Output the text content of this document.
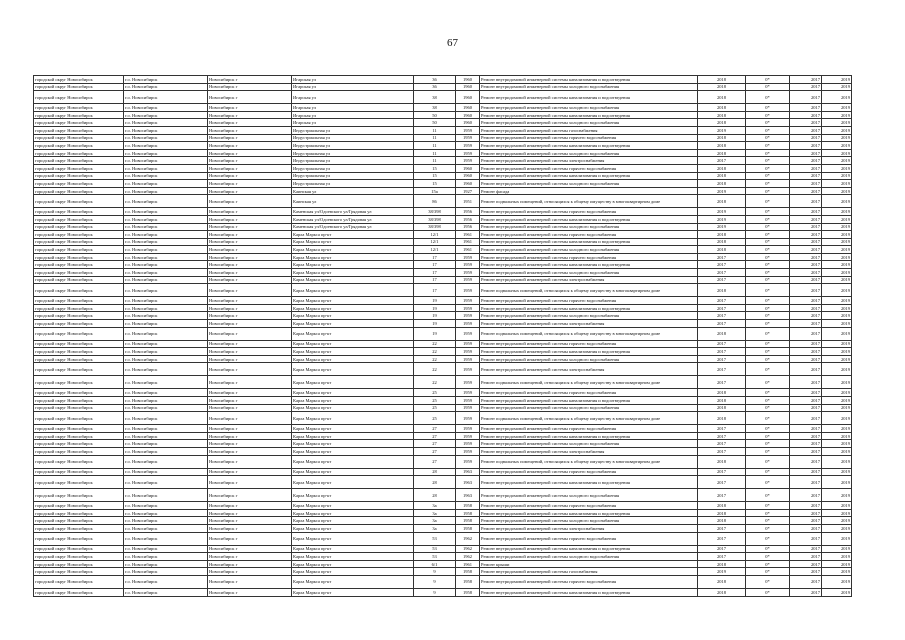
67
городской округ Новосибирск	г.о. Новосибирск	Новосибирск г	Игарская ул	36	1960	Ремонт внутридомовой инженерной системы канализования и водоотведения	2018	0*	2017	2019
городской округ Новосибирск	г.о. Новосибирск	Новосибирск г	Игарская ул	36	1960	Ремонт внутридомовой инженерной системы холодного водоснабжения	2018	0*	2017	2019
городской округ Новосибирск	г.о. Новосибирск	Новосибирск г	Игарская ул	38	1960	Ремонт внутридомовой инженерной системы канализования и водоотведения	2018	0*	2017	2019
городской округ Новосибирск	г.о. Новосибирск	Новосибирск г	Игарская ул	38	1960	Ремонт внутридомовой инженерной системы холодного водоснабжения	2018	0*	2017	2019
городской округ Новосибирск	г.о. Новосибирск	Новосибирск г	Игарская ул	50	1960	Ремонт внутридомовой инженерной системы канализования и водоотведения	2018	0*	2017	2019
городской округ Новосибирск	г.о. Новосибирск	Новосибирск г	Игарская ул	50	1960	Ремонт внутридомовой инженерной системы холодного водоснабжения	2018	0*	2017	2019
городской округ Новосибирск	г.о. Новосибирск	Новосибирск г	Индустриальная ул	11	1959	Ремонт внутридомовой инженерной системы газоснабжения	2019	0*	2017	2019
городской округ Новосибирск	г.о. Новосибирск	Новосибирск г	Индустриальная ул	11	1959	Ремонт внутридомовой инженерной системы горячего водоснабжения	2018	0*	2017	2019
городской округ Новосибирск	г.о. Новосибирск	Новосибирск г	Индустриальная ул	11	1959	Ремонт внутридомовой инженерной системы канализования и водоотведения	2018	0*	2017	2019
городской округ Новосибирск	г.о. Новосибирск	Новосибирск г	Индустриальная ул	11	1959	Ремонт внутридомовой инженерной системы холодного водоснабжения	2018	0*	2017	2019
городской округ Новосибирск	г.о. Новосибирск	Новосибирск г	Индустриальная ул	11	1959	Ремонт внутридомовой инженерной системы электроснабжения	2017	0*	2017	2019
городской округ Новосибирск	г.о. Новосибирск	Новосибирск г	Индустриальная ул	15	1960	Ремонт внутридомовой инженерной системы горячего водоснабжения	2018	0*	2017	2019
городской округ Новосибирск	г.о. Новосибирск	Новосибирск г	Индустриальная ул	15	1960	Ремонт внутридомовой инженерной системы канализования и водоотведения	2018	0*	2017	2019
городской округ Новосибирск	г.о. Новосибирск	Новосибирск г	Индустриальная ул	15	1960	Ремонт внутридомовой инженерной системы холодного водоснабжения	2018	0*	2017	2019
городской округ Новосибирск	г.о. Новосибирск	Новосибирск г	Каинская ул	15а	1927	Ремонт фасада	2019	0*	2017	2019
городской округ Новосибирск	г.о. Новосибирск	Новосибирск г	Каинская ул	86	1951	Ремонт подвальных помещений, относящихся к общему имуществу в многоквартирном доме	2018	0*	2017	2019
городской округ Новосибирск	г.о. Новосибирск	Новосибирск г	Каменская ул/Одоевского ул/Грядовая ул	38/398	1956	Ремонт внутридомовой инженерной системы горячего водоснабжения	2019	0*	2017	2019
городской округ Новосибирск	г.о. Новосибирск	Новосибирск г	Каменская ул/Одоевского ул/Грядовая ул	38/398	1956	Ремонт внутридомовой инженерной системы канализования и водоотведения	2019	0*	2017	2019
городской округ Новосибирск	г.о. Новосибирск	Новосибирск г	Каменская ул/Одоевского ул/Грядовая ул	38/398	1956	Ремонт внутридомовой инженерной системы холодного водоснабжения	2019	0*	2017	2019
городской округ Новосибирск	г.о. Новосибирск	Новосибирск г	Карла Маркса пр-кт	12/1	1961	Ремонт внутридомовой инженерной системы горячего водоснабжения	2018	0*	2017	2019
городской округ Новосибирск	г.о. Новосибирск	Новосибирск г	Карла Маркса пр-кт	12/1	1961	Ремонт внутридомовой инженерной системы канализования и водоотведения	2018	0*	2017	2019
городской округ Новосибирск	г.о. Новосибирск	Новосибирск г	Карла Маркса пр-кт	12/1	1961	Ремонт внутридомовой инженерной системы холодного водоснабжения	2018	0*	2017	2019
городской округ Новосибирск	г.о. Новосибирск	Новосибирск г	Карла Маркса пр-кт	17	1959	Ремонт внутридомовой инженерной системы горячего водоснабжения	2017	0*	2017	2019
городской округ Новосибирск	г.о. Новосибирск	Новосибирск г	Карла Маркса пр-кт	17	1959	Ремонт внутридомовой инженерной системы канализования и водоотведения	2017	0*	2017	2019
городской округ Новосибирск	г.о. Новосибирск	Новосибирск г	Карла Маркса пр-кт	17	1959	Ремонт внутридомовой инженерной системы холодного водоснабжения	2017	0*	2017	2019
городской округ Новосибирск	г.о. Новосибирск	Новосибирск г	Карла Маркса пр-кт	17	1959	Ремонт внутридомовой инженерной системы электроснабжения	2017	0*	2017	2019
городской округ Новосибирск	г.о. Новосибирск	Новосибирск г	Карла Маркса пр-кт	17	1959	Ремонт подвальных помещений, относящихся к общему имуществу в многоквартирном доме	2018	0*	2017	2019
городской округ Новосибирск	г.о. Новосибирск	Новосибирск г	Карла Маркса пр-кт	19	1959	Ремонт внутридомовой инженерной системы горячего водоснабжения	2017	0*	2017	2019
городской округ Новосибирск	г.о. Новосибирск	Новосибирск г	Карла Маркса пр-кт	19	1959	Ремонт внутридомовой инженерной системы канализования и водоотведения	2017	0*	2017	2019
городской округ Новосибирск	г.о. Новосибирск	Новосибирск г	Карла Маркса пр-кт	19	1959	Ремонт внутридомовой инженерной системы холодного водоснабжения	2017	0*	2017	2019
городской округ Новосибирск	г.о. Новосибирск	Новосибирск г	Карла Маркса пр-кт	19	1959	Ремонт внутридомовой инженерной системы электроснабжения	2017	0*	2017	2019
городской округ Новосибирск	г.о. Новосибирск	Новосибирск г	Карла Маркса пр-кт	19	1959	Ремонт подвальных помещений, относящихся к общему имуществу в многоквартирном доме	2018	0*	2017	2019
городской округ Новосибирск	г.о. Новосибирск	Новосибирск г	Карла Маркса пр-кт	22	1959	Ремонт внутридомовой инженерной системы горячего водоснабжения	2017	0*	2017	2019
городской округ Новосибирск	г.о. Новосибирск	Новосибирск г	Карла Маркса пр-кт	22	1959	Ремонт внутридомовой инженерной системы канализования и водоотведения	2017	0*	2017	2019
городской округ Новосибирск	г.о. Новосибирск	Новосибирск г	Карла Маркса пр-кт	22	1959	Ремонт внутридомовой инженерной системы холодного водоснабжения	2017	0*	2017	2019
городской округ Новосибирск	г.о. Новосибирск	Новосибирск г	Карла Маркса пр-кт	22	1959	Ремонт внутридомовой инженерной системы электроснабжения	2017	0*	2017	2019
городской округ Новосибирск	г.о. Новосибирск	Новосибирск г	Карла Маркса пр-кт	22	1959	Ремонт подвальных помещений, относящихся к общему имуществу в многоквартирном доме	2017	0*	2017	2019
городской округ Новосибирск	г.о. Новосибирск	Новосибирск г	Карла Маркса пр-кт	25	1959	Ремонт внутридомовой инженерной системы горячего водоснабжения	2018	0*	2017	2019
городской округ Новосибирск	г.о. Новосибирск	Новосибирск г	Карла Маркса пр-кт	25	1959	Ремонт внутридомовой инженерной системы канализования и водоотведения	2018	0*	2017	2019
городской округ Новосибирск	г.о. Новосибирск	Новосибирск г	Карла Маркса пр-кт	25	1959	Ремонт внутридомовой инженерной системы холодного водоснабжения	2018	0*	2017	2019
городской округ Новосибирск	г.о. Новосибирск	Новосибирск г	Карла Маркса пр-кт	25	1959	Ремонт подвальных помещений, относящихся к общему имуществу в многоквартирном доме	2018	0*	2017	2019
городской округ Новосибирск	г.о. Новосибирск	Новосибирск г	Карла Маркса пр-кт	27	1959	Ремонт внутридомовой инженерной системы горячего водоснабжения	2017	0*	2017	2019
городской округ Новосибирск	г.о. Новосибирск	Новосибирск г	Карла Маркса пр-кт	27	1959	Ремонт внутридомовой инженерной системы канализования и водоотведения	2017	0*	2017	2019
городской округ Новосибирск	г.о. Новосибирск	Новосибирск г	Карла Маркса пр-кт	27	1959	Ремонт внутридомовой инженерной системы холодного водоснабжения	2017	0*	2017	2019
городской округ Новосибирск	г.о. Новосибирск	Новосибирск г	Карла Маркса пр-кт	27	1959	Ремонт внутридомовой инженерной системы электроснабжения	2017	0*	2017	2019
городской округ Новосибирск	г.о. Новосибирск	Новосибирск г	Карла Маркса пр-кт	27	1959	Ремонт подвальных помещений, относящихся к общему имуществу в многоквартирном доме	2018	0*	2017	2019
городской округ Новосибирск	г.о. Новосибирск	Новосибирск г	Карла Маркса пр-кт	28	1963	Ремонт внутридомовой инженерной системы горячего водоснабжения	2017	0*	2017	2019
городской округ Новосибирск	г.о. Новосибирск	Новосибирск г	Карла Маркса пр-кт	28	1963	Ремонт внутридомовой инженерной системы канализования и водоотведения	2017	0*	2017	2019
городской округ Новосибирск	г.о. Новосибирск	Новосибирск г	Карла Маркса пр-кт	28	1963	Ремонт внутридомовой инженерной системы холодного водоснабжения	2017	0*	2017	2019
городской округ Новосибирск	г.о. Новосибирск	Новосибирск г	Карла Маркса пр-кт	3а	1958	Ремонт внутридомовой инженерной системы горячего водоснабжения	2018	0*	2017	2019
городской округ Новосибирск	г.о. Новосибирск	Новосибирск г	Карла Маркса пр-кт	3а	1958	Ремонт внутридомовой инженерной системы канализования и водоотведения	2018	0*	2017	2019
городской округ Новосибирск	г.о. Новосибирск	Новосибирск г	Карла Маркса пр-кт	3а	1958	Ремонт внутридомовой инженерной системы холодного водоснабжения	2018	0*	2017	2019
городской округ Новосибирск	г.о. Новосибирск	Новосибирск г	Карла Маркса пр-кт	3а	1958	Ремонт внутридомовой инженерной системы электроснабжения	2017	0*	2017	2019
городской округ Новосибирск	г.о. Новосибирск	Новосибирск г	Карла Маркса пр-кт	53	1962	Ремонт внутридомовой инженерной системы горячего водоснабжения	2017	0*	2017	2019
городской округ Новосибирск	г.о. Новосибирск	Новосибирск г	Карла Маркса пр-кт	53	1962	Ремонт внутридомовой инженерной системы канализования и водоотведения	2017	0*	2017	2019
городской округ Новосибирск	г.о. Новосибирск	Новосибирск г	Карла Маркса пр-кт	53	1962	Ремонт внутридомовой инженерной системы холодного водоснабжения	2017	0*	2017	2019
городской округ Новосибирск	г.о. Новосибирск	Новосибирск г	Карла Маркса пр-кт	6/1	1961	Ремонт крыши	2018	0*	2017	2019
городской округ Новосибирск	г.о. Новосибирск	Новосибирск г	Карла Маркса пр-кт	9	1958	Ремонт внутридомовой инженерной системы газоснабжения	2019	0*	2017	2019
городской округ Новосибирск	г.о. Новосибирск	Новосибирск г	Карла Маркса пр-кт	9	1958	Ремонт внутридомовой инженерной системы горячего водоснабжения	2018	0*	2017	2019
городской округ Новосибирск	г.о. Новосибирск	Новосибирск г	Карла Маркса пр-кт	9	1958	Ремонт внутридомовой инженерной системы канализования и водоотведения	2018	0*	2017	2019
